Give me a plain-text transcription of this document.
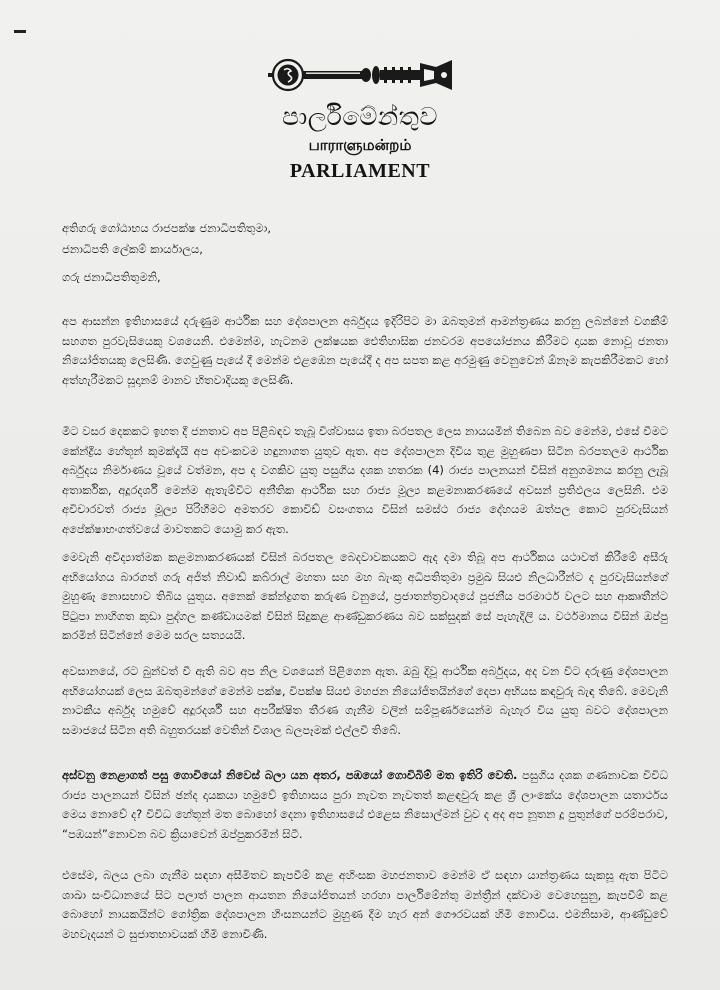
පාර්ලිමේන්තුව
பாராளுமன்றம்
PARLIAMENT
අතිගරු ගෝඨාභය රාජපක්ෂ ජනාධිපතිතුමා,
ජනාධිපති ලේකම් කාර්යාලය,
ගරු ජනාධිපතිතුමනි,
අප ආසන්න ඉතිහාසයේ දරුණුම ආර්ථික සහ දේශපාලන අර්බුදය ඉදිරිපිට මා ඔබතුමන් ආමන්ත්‍රණය කරනු ලබන්නේ වගකීම් සහගත පුරවැසියෙකු වශයෙනි. එමෙන්ම, හැටනම ලක්ෂයක ඓතිහාසික ජනවරම අපයෝජනය කිරීමට දායක නොවූ ජනතා නියෝජිතයකු ලෙසිණි. ගෙවුණු පැයේ දී මෙන්ම එළඹෙන පැයේදී ද අප සපත කළ අරමුණු වෙනුවෙන් ඕනෑම කැපකිරීමකට හෝ අත්හැරීමකට සූදානම් මානව හිතවාදියකු ලෙසිණි.
මීට වසර දෙකකට ඉහත දී ජනතාව අප පිළිබඳව තැබූ විශ්වාසය ඉතා බරපතල ලෙස නායයමින් තිබෙන බව මෙන්ම, එසේ වීමට කේන්ද්‍රීය හේතූන් කුමක්දැයි අප අවංකවම හඳුනාගත යුතුව ඇත. අප දේශපාලන දිවිය තුළ මුහුණපා සිටින බරපතලම ආර්ථික අර්බුදය නිර්මාණය වූයේ වත්මන, අප ද වගකිව යුතු පසුගිය දශක හතරක (4) රාජ්‍ය පාලනයන් විසින් අනුගමනය කරනු ලැබූ අතාර්කික, අදූරදර්ශී මෙන්ම ඇතැම්විට අනීතික ආර්ථික සහ රාජ්‍ය මූල්‍ය කළමනාකරණයේ අවසන් ප්‍රතිඵලය ලෙසිනි. එම අවිචාරවත් රාජ්‍ය මූල්‍ය පිරිහීමට අමතරව කොවිඩ් වසංගතය විසින් සමස්ථ රාජ්‍ය දේහයම ඔත්පල කොට පුරවැසියන් අපේක්ෂාභංගත්වයේ මාවතකට යොමු කර ඇත.
මෙවැනි අවිද්‍යාත්මක කළමනාකරණයක් විසින් බරපතල බෙදවාවකයකට ඇද දමා තිබූ අප ආර්ථිකය යථාවත් කිරීමේ අසීරු අභියෝගය බාරගත් ගරු අජිත් නිවාඩ් කබ්රාල් මහතා සහ මහ බැංකු අධිපතිතුමා ප්‍රමුඛ සියළු නිලධාරීන්ට ද පුරවැසියන්ගේ මුහුණෑ නොසභාව තිබිය යුතුය. අනෙක් කේන්ද්‍රගත කරුණ වනුයේ, ප්‍රජාතන්ත්‍රවාදයේ පූජනීය පරමාර්ථ වලට සහ ආකෘතීන්ට පිටුපා නාහිගත කුඩා පුද්ගල කණ්ඩායමක් විසින් සිදුකළ ආණ්ඩුකරණය බව සක්සුදක් සේ පැහැදිලි ය. වර්ථමානය විසින් ඔප්පු කරමින් සිටින්නේ මෙම සරල සත්‍යයයි.
අවසානයේ, රට බුන්වත් වී ඇති බව අප නිල වශයෙන් පිළිගෙන ඇත. ඔබු දිවූ ආර්ථික අර්බුදය, අද වන විට දරුණු දේශපාලන අභියෝගයක් ලෙස ඔබතුමන්ගේ මෙන්ම පක්ෂ, විපක්ෂ සියළු මහජන නියෝජිතයින්ගේ දෙපා අභියස කඳවුරු බැඳ තිබේ. මෙවැනි නාටකීය අර්බුද හමුවේ අදූරදර්ශී සහ අපරීක්ෂිත තීරණ ගැනීම වලින් සම්පූර්ණයෙන්ම බැහැර විය යුතු බවට දේශපාලන සමාජයේ සිටින අති බහුතරයක් වෙතින් විශාල බලපෑමක් එල්ලවී තිබේ.
අස්වනු නෙළාගත් පසු ගොවියෝ නිවෙස් බලා යන අතර, පඹයෝ ගොවිබිම් මත ඉතිරි වෙති. පසුගිය දශක ගණනාවක විවිධ රාජ්‍ය පාලනයන් විසින් ඡන්ද දායකයා හමුවේ ඉතිහාසය පුරා නැවත නැවතත් කළඳවුරු කළ ශ්‍රී ලාංකේය දේශපාලන යතාර්ථය මෙය නොවේ ද? විවිධ හේතූන් මත බොහෝ දෙනා ඉතිහාසයේ එළෙස නිසොල්මන් වුව ද අද අප නූතන දූ පුතුන්ගේ පරම්පරාව, “පඹයන්”නොවන බව ක්‍රියාවෙන් ඔප්පුකරමින් සිටී.
එසේම, බලය ලබා ගැනීම සඳහා අසීමිතව කැපවීම් කළ අහිංසක මහජනතාව මෙන්ම ඒ සඳහා යාන්ත්‍රණය සැකසූ ඇත පිටිට ශාඛා සංවිධානයේ සිට පලාත් පාලන ආයතන නියෝජිතයන් හරහා පාර්ලිමේන්තු මන්ත්‍රීන් දක්වාම වෙහෙසුනු, කැපවීම් කළ බොහෝ නායකයින්ට ගෝත්‍රික දේශපාලන හිංසනයන්ට මුහුණ දීම හැර අන් ගෞරවයක් හිමි නොවිය. එමනිසාම, ආණ්ඩුවේ මහවැදයන් ට සුජාතභාවයක් හිමි නොවිණි.
